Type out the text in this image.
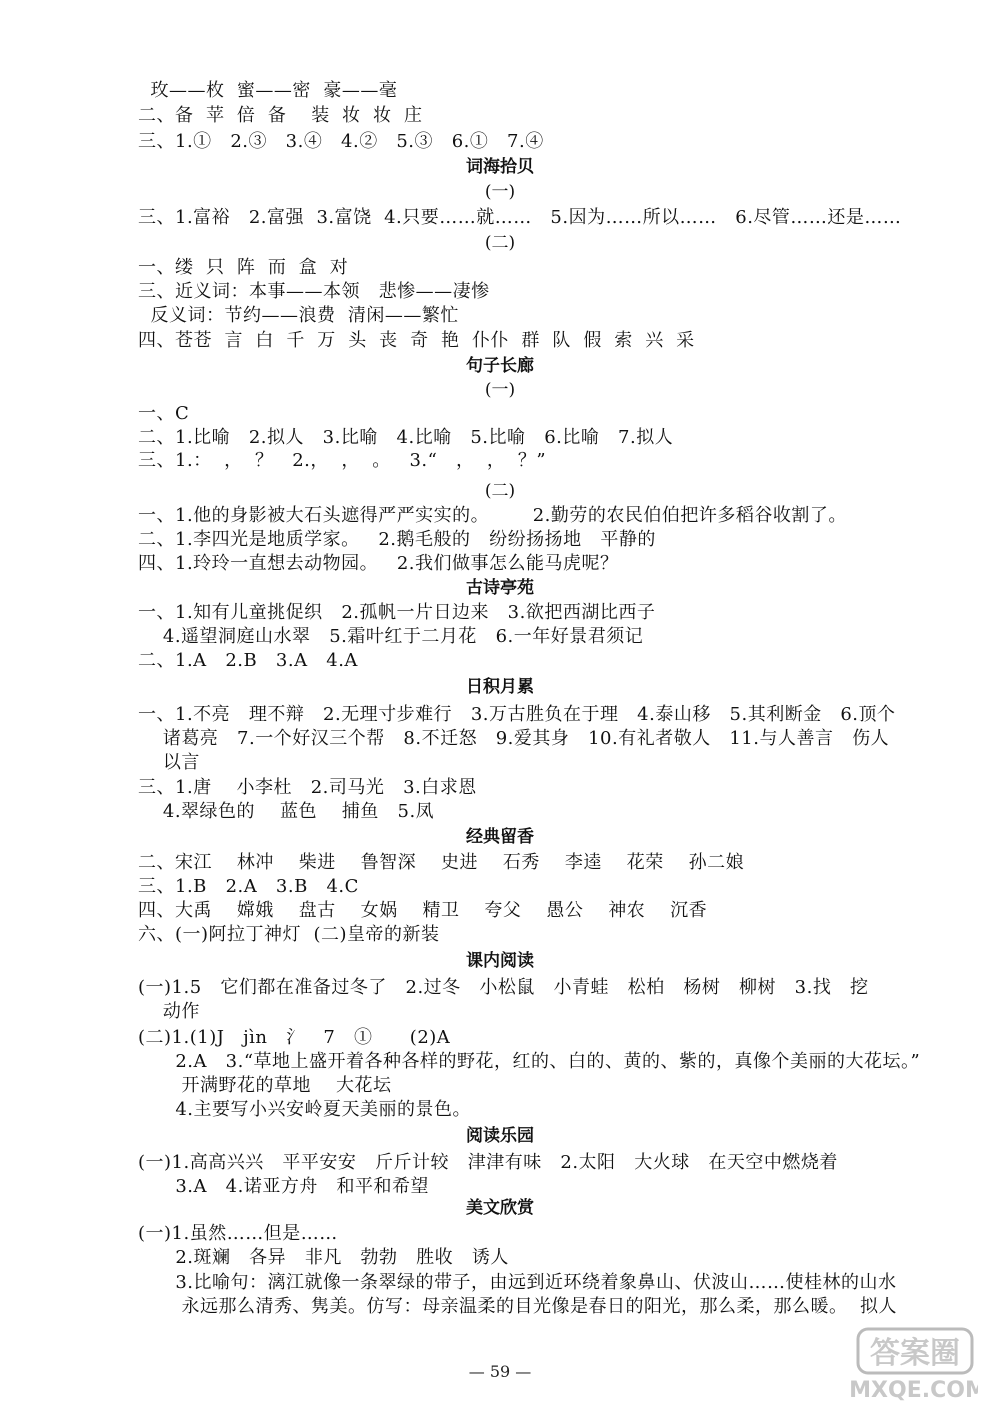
玫——枚  蜜——密  豪——毫
二、备  苹  倍  备    装  妆  妆  庄
三、1.①   2.③   3.④   4.②   5.③   6.①   7.④
三、1.富裕   2.富强  3.富饶  4.只要……就……   5.因为……所以……   6.尽管……还是……
一、缕  只  阵  而  盒  对
三、近义词：本事——本领   悲惨——凄惨
反义词：节约——浪费  清闲——繁忙
四、苍苍  言  白  千  万  头  丧  奇  艳  仆仆  群  队  假  索  兴  采
一、C
二、1.比喻   2.拟人   3.比喻   4.比喻   5.比喻   6.比喻   7.拟人
三、1.：  ，  ？   2.，  ，  。   3.“   ，  ，  ？”
一、1.他的身影被大石头遮得严严实实的。       2.勤劳的农民伯伯把许多稻谷收割了。
二、1.李四光是地质学家。   2.鹅毛般的   纷纷扬扬地   平静的
四、1.玲玲一直想去动物园。   2.我们做事怎么能马虎呢？
一、1.知有儿童挑促织   2.孤帆一片日边来   3.欲把西湖比西子
4.遥望洞庭山水翠   5.霜叶红于二月花   6.一年好景君须记
二、1.A   2.B   3.A   4.A
一、1.不亮   理不辩   2.无理寸步难行   3.万古胜负在于理   4.泰山移   5.其利断金   6.顶个
诸葛亮   7.一个好汉三个帮   8.不迁怒   9.爱其身   10.有礼者敬人   11.与人善言   伤人
以言
三、1.唐    小李杜   2.司马光   3.白求恩
4.翠绿色的    蓝色    捕鱼   5.凤
二、宋江    林冲    柴进    鲁智深    史进    石秀    李逵    花荣    孙二娘
三、1.B   2.A   3.B   4.C
四、大禹    嫦娥    盘古    女娲    精卫    夸父    愚公    神农    沉香
六、(一)阿拉丁神灯  (二)皇帝的新装
(一)1.5   它们都在准备过冬了   2.过冬   小松鼠   小青蛙   松柏   杨树   柳树   3.找   挖
动作
(二)1.(1)J   jìn   氵   7   ①      (2)A
2.A   3.“草地上盛开着各种各样的野花，红的、白的、黄的、紫的，真像个美丽的大花坛。”
开满野花的草地    大花坛
4.主要写小兴安岭夏天美丽的景色。
(一)1.高高兴兴   平平安安   斤斤计较   津津有味   2.太阳   大火球   在天空中燃烧着
3.A   4.诺亚方舟   和平和希望
(一)1.虽然……但是……
2.斑斓   各异   非凡   勃勃   胜收   诱人
3.比喻句：漓江就像一条翠绿的带子，由远到近环绕着象鼻山、伏波山……使桂林的山水
永远那么清秀、隽美。仿写：母亲温柔的目光像是春日的阳光，那么柔，那么暖。  拟人
词海拾贝
(一)
(二)
句子长廊
(一)
(二)
古诗亭苑
日积月累
经典留香
课内阅读
阅读乐园
美文欣赏
— 59 —
答案圈
MXQE.COM
